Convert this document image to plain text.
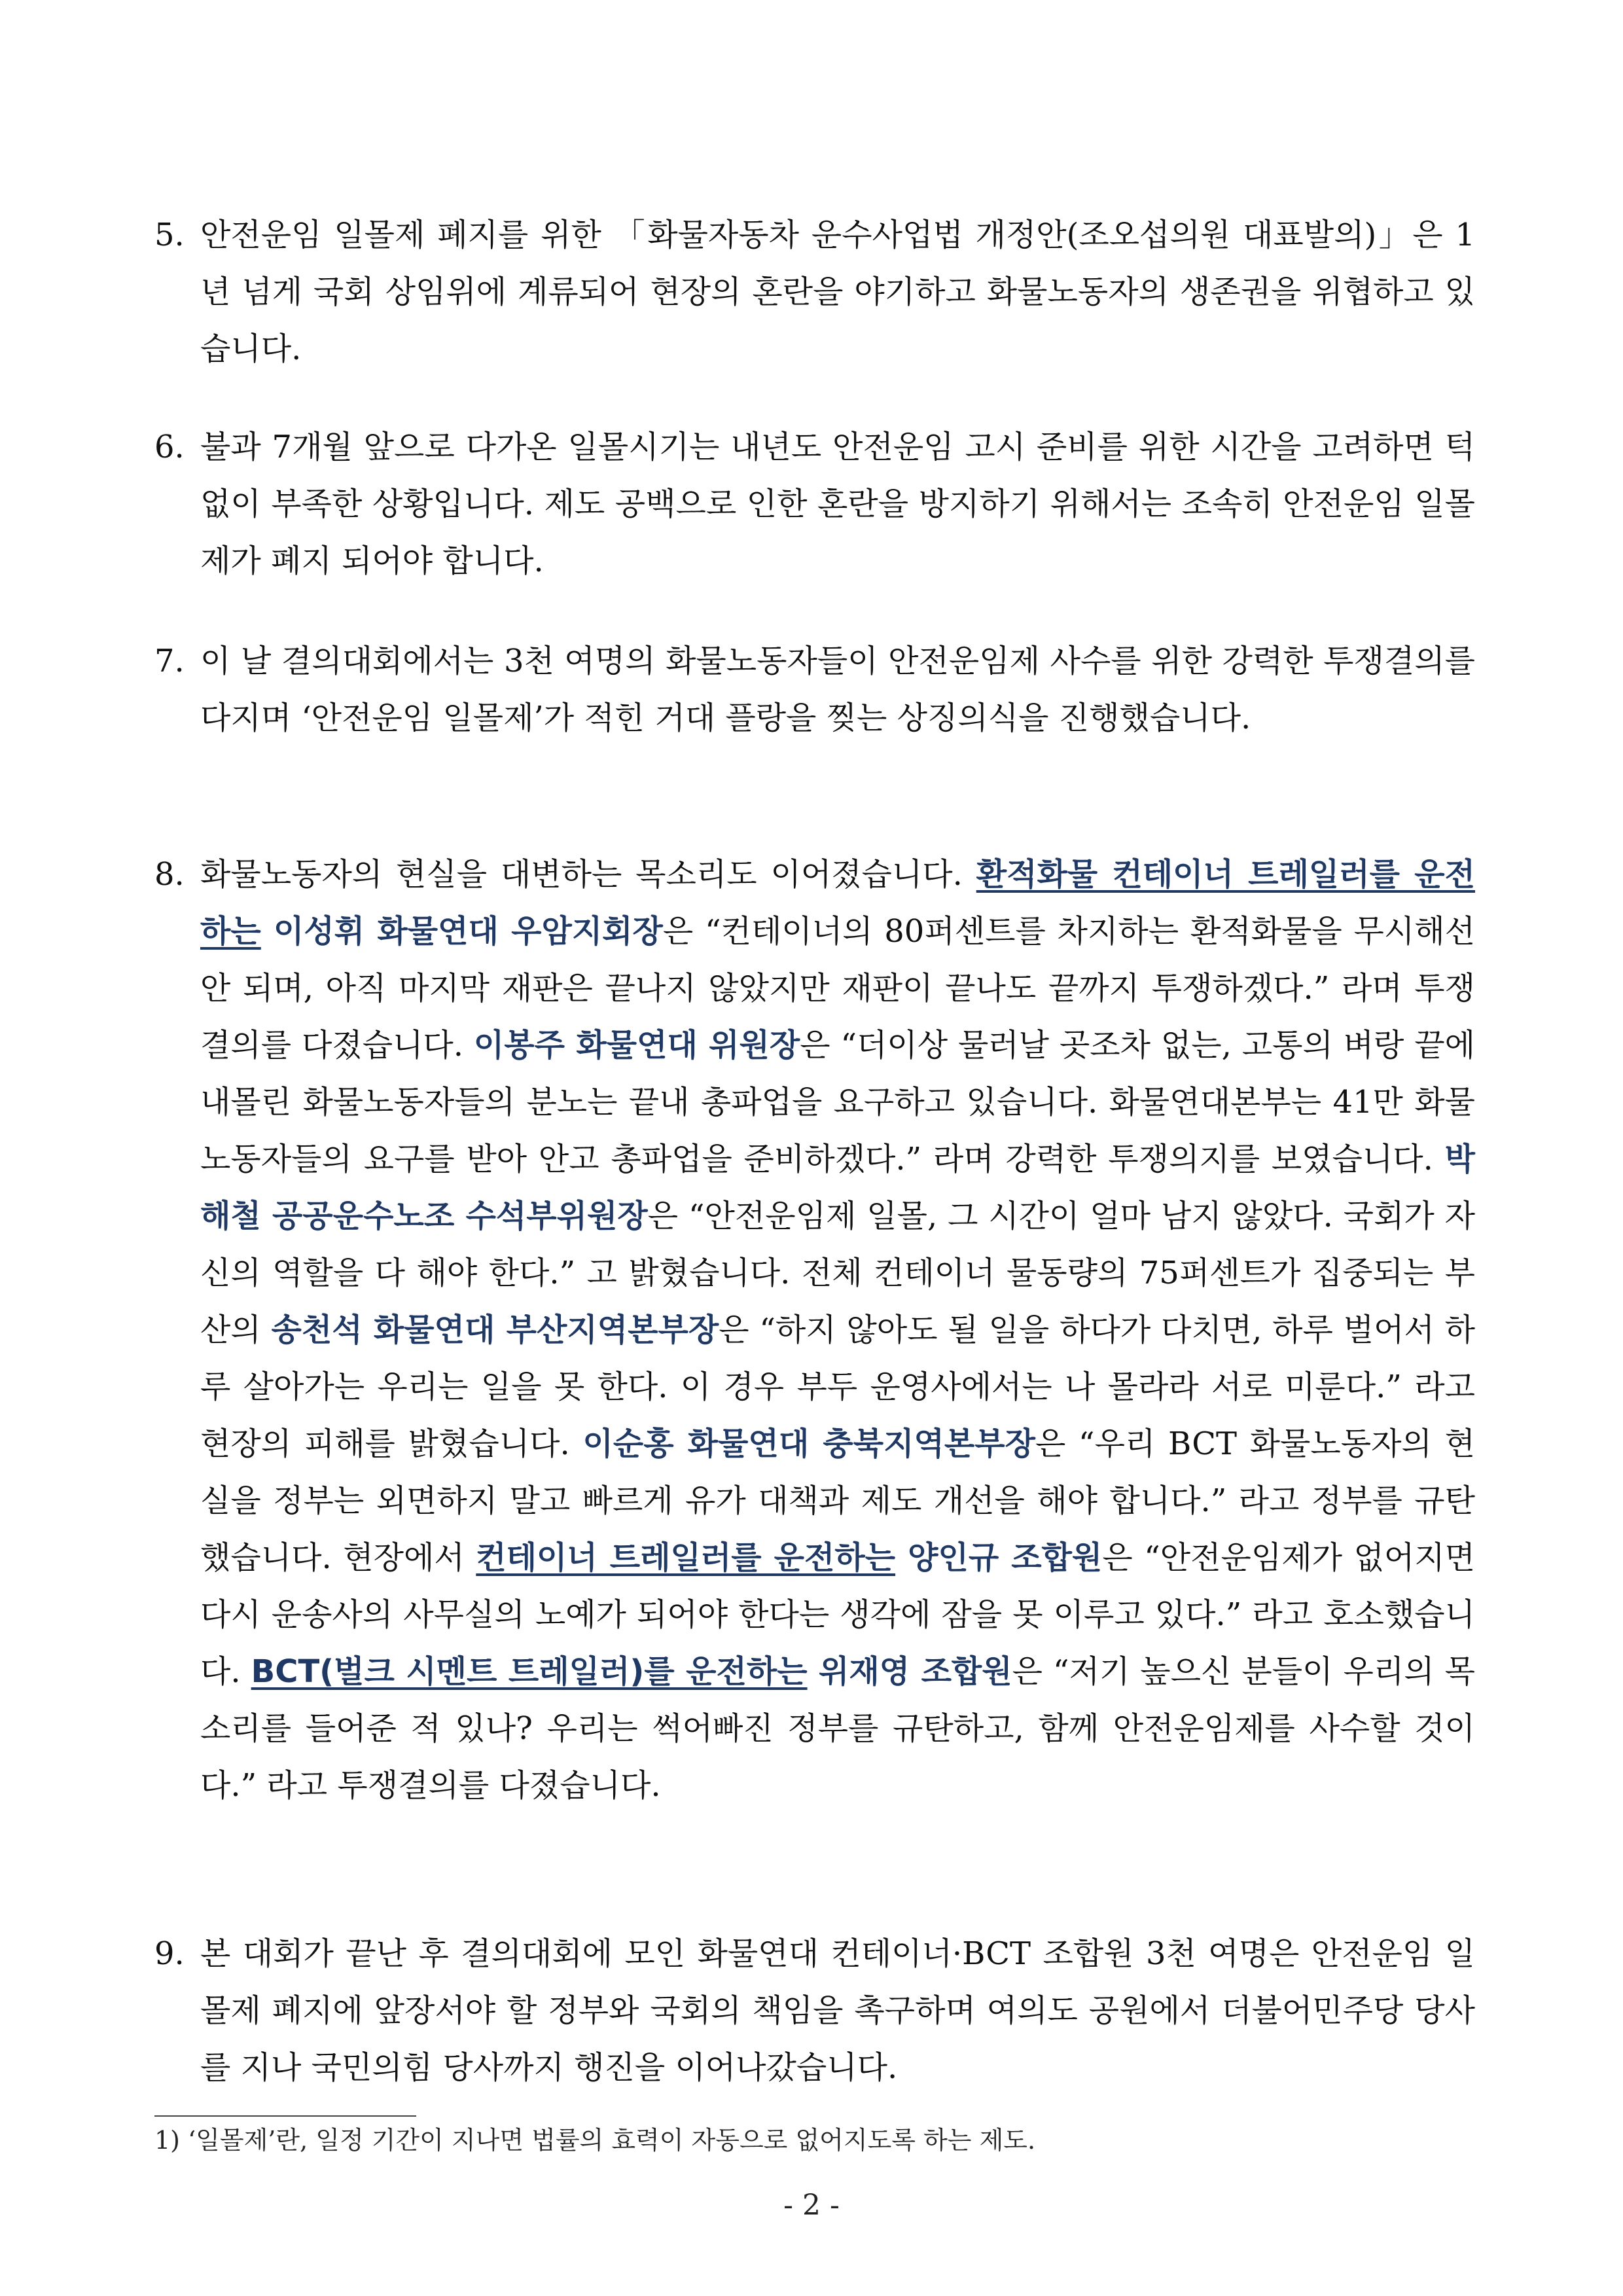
5. 안전운임 일몰제 폐지를 위한 「화물자동차 운수사업법 개정안(조오섭의원 대표발의)」은 1년 넘게 국회 상임위에 계류되어 현장의 혼란을 야기하고 화물노동자의 생존권을 위협하고 있습니다.
6. 불과 7개월 앞으로 다가온 일몰시기는 내년도 안전운임 고시 준비를 위한 시간을 고려하면 턱 없이 부족한 상황입니다. 제도 공백으로 인한 혼란을 방지하기 위해서는 조속히 안전운임 일몰제가 폐지 되어야 합니다.
7. 이 날 결의대회에서는 3천 여명의 화물노동자들이 안전운임제 사수를 위한 강력한 투쟁결의를 다지며 ‘안전운임 일몰제’가 적힌 거대 플랑을 찢는 상징의식을 진행했습니다.
8. 화물노동자의 현실을 대변하는 목소리도 이어졌습니다. 환적화물 컨테이너 트레일러를 운전하는 이성휘 화물연대 우암지회장은 “컨테이너의 80퍼센트를 차지하는 환적화물을 무시해선 안 되며, 아직 마지막 재판은 끝나지 않았지만 재판이 끝나도 끝까지 투쟁하겠다.” 라며 투쟁결의를 다졌습니다. 이봉주 화물연대 위원장은 “더이상 물러날 곳조차 없는, 고통의 벼랑 끝에 내몰린 화물노동자들의 분노는 끝내 총파업을 요구하고 있습니다. 화물연대본부는 41만 화물노동자들의 요구를 받아 안고 총파업을 준비하겠다.” 라며 강력한 투쟁의지를 보였습니다. 박해철 공공운수노조 수석부위원장은 “안전운임제 일몰, 그 시간이 얼마 남지 않았다. 국회가 자신의 역할을 다 해야 한다.” 고 밝혔습니다. 전체 컨테이너 물동량의 75퍼센트가 집중되는 부산의 송천석 화물연대 부산지역본부장은 “하지 않아도 될 일을 하다가 다치면, 하루 벌어서 하루 살아가는 우리는 일을 못 한다. 이 경우 부두 운영사에서는 나 몰라라 서로 미룬다.” 라고 현장의 피해를 밝혔습니다. 이순홍 화물연대 충북지역본부장은 “우리 BCT 화물노동자의 현실을 정부는 외면하지 말고 빠르게 유가 대책과 제도 개선을 해야 합니다.” 라고 정부를 규탄했습니다. 현장에서 컨테이너 트레일러를 운전하는 양인규 조합원은 “안전운임제가 없어지면 다시 운송사의 사무실의 노예가 되어야 한다는 생각에 잠을 못 이루고 있다.” 라고 호소했습니다. BCT(벌크 시멘트 트레일러)를 운전하는 위재영 조합원은 “저기 높으신 분들이 우리의 목소리를 들어준 적 있나? 우리는 썩어빠진 정부를 규탄하고, 함께 안전운임제를 사수할 것이다.” 라고 투쟁결의를 다졌습니다.
9. 본 대회가 끝난 후 결의대회에 모인 화물연대 컨테이너·BCT 조합원 3천 여명은 안전운임 일몰제 폐지에 앞장서야 할 정부와 국회의 책임을 촉구하며 여의도 공원에서 더불어민주당 당사를 지나 국민의힘 당사까지 행진을 이어나갔습니다.
1) ‘일몰제’란, 일정 기간이 지나면 법률의 효력이 자동으로 없어지도록 하는 제도.
- 2 -
